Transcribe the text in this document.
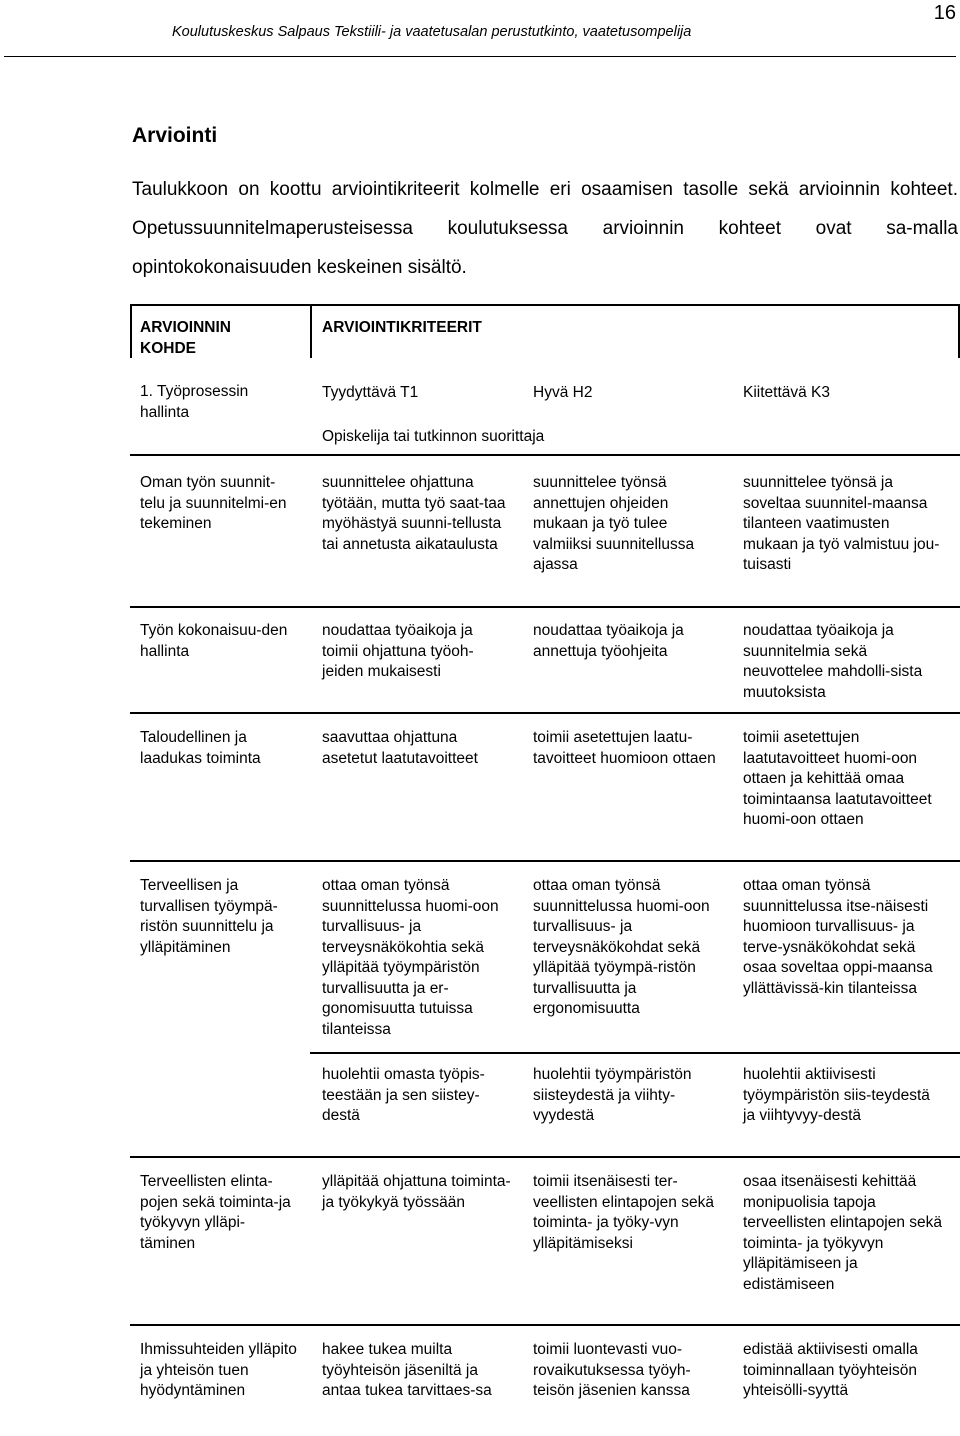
16
Koulutuskeskus Salpaus Tekstiili- ja vaatetusalan perustutkinto, vaatetusompelija
Arviointi

Taulukkoon on koottu arviointikriteerit kolmelle eri osaamisen tasolle sekä arvioinnin kohteet. Opetussuunnitelmaperusteisessa koulutuksessa arvioinnin kohteet ovat sa-malla opintokokonaisuuden keskeinen sisältö.

ARVIOINNIN KOHDE
ARVIOINTIKRITEERIT
1. Työprosessin hallinta
Tyydyttävä T1	Hyvä H2	Kiitettävä K3
Opiskelija tai tutkinnon suorittaja
Oman työn suunnit-telu ja suunnitelmi-en tekeminen
suunnittelee ohjattuna työtään, mutta työ saat-taa myöhästyä suunni-tellusta tai annetusta aikataulusta
suunnittelee työnsä annettujen ohjeiden mukaan ja työ tulee valmiiksi suunnitellussa ajassa
suunnittelee työnsä ja soveltaa suunnitel-maansa tilanteen vaatimusten mukaan ja työ valmistuu jou-tuisasti
Työn kokonaisuu-den hallinta
noudattaa työaikoja ja toimii ohjattuna työoh-jeiden mukaisesti
noudattaa työaikoja ja annettuja työohjeita
noudattaa työaikoja ja suunnitelmia sekä neuvottelee mahdolli-sista muutoksista
Taloudellinen ja laadukas toiminta
saavuttaa ohjattuna asetetut laatutavoitteet
toimii asetettujen laatu-tavoitteet huomioon ottaen
toimii asetettujen laatutavoitteet huomi-oon ottaen ja kehittää omaa toimintaansa laatutavoitteet huomi-oon ottaen
Terveellisen ja turvallisen työympä-ristön suunnittelu ja ylläpitäminen
ottaa oman työnsä suunnittelussa huomi-oon turvallisuus- ja terveysnäkökohtia sekä ylläpitää työympäristön turvallisuutta ja er-gonomisuutta tutuissa tilanteissa
ottaa oman työnsä suunnittelussa huomi-oon turvallisuus- ja terveysnäkökohdat sekä ylläpitää työympä-ristön turvallisuutta ja ergonomisuutta
ottaa oman työnsä suunnittelussa itse-näisesti huomioon turvallisuus- ja terve-ysnäkökohdat sekä osaa soveltaa oppi-maansa yllättävissä-kin tilanteissa
huolehtii omasta työpis-teestään ja sen siistey-destä
huolehtii työympäristön siisteydestä ja viihty-vyydestä
huolehtii aktiivisesti työympäristön siis-teydestä ja viihtyvyy-destä
Terveellisten elinta-pojen sekä toiminta-ja työkyvyn ylläpi-täminen
ylläpitää ohjattuna toiminta- ja työkykyä työssään
toimii itsenäisesti ter-veellisten elintapojen sekä toiminta- ja työky-vyn ylläpitämiseksi
osaa itsenäisesti kehittää monipuolisia tapoja terveellisten elintapojen sekä toiminta- ja työkyvyn ylläpitämiseen ja edistämiseen
Ihmissuhteiden ylläpito ja yhteisön tuen hyödyntäminen
hakee tukea muilta työyhteisön jäseniltä ja antaa tukea tarvittaes-sa
toimii luontevasti vuo-rovaikutuksessa työyh-teisön jäsenien kanssa
edistää aktiivisesti omalla toiminnallaan työyhteisön yhteisölli-syyttä
